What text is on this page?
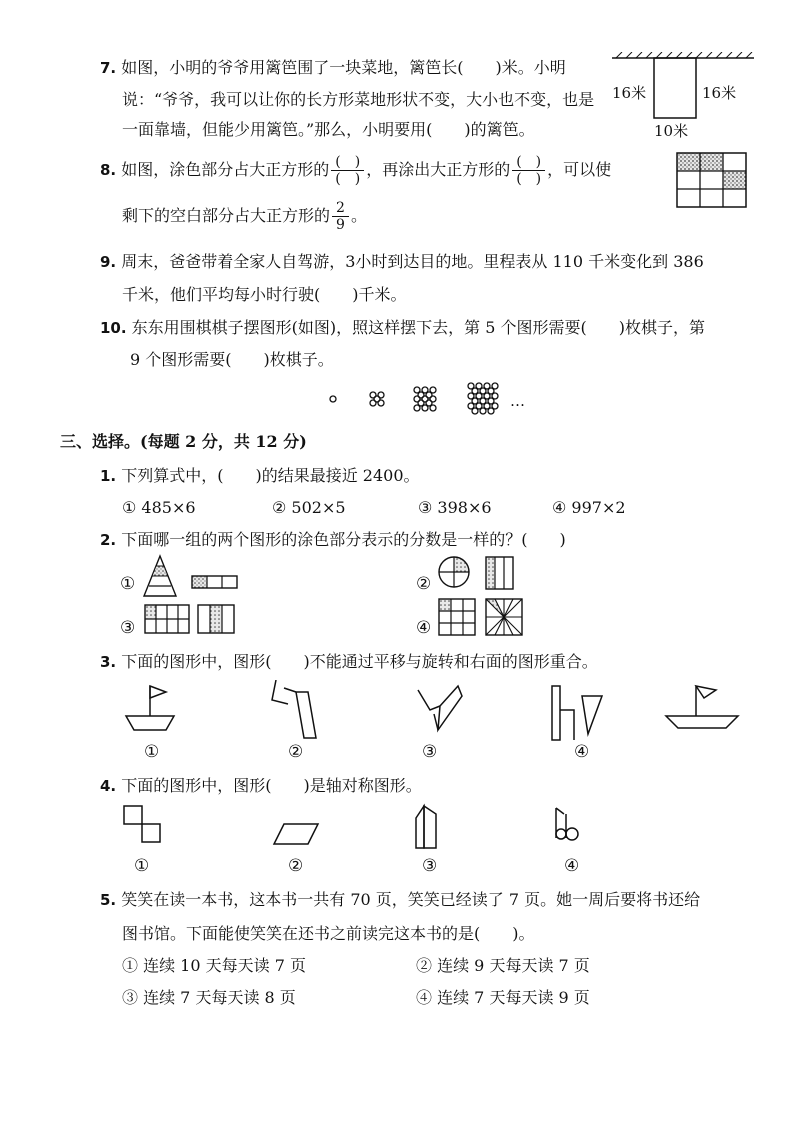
7. 如图，小明的爷爷用篱笆围了一块菜地，篱笆长(　　)米。小明
说：“爷爷，我可以让你的长方形菜地形状不变，大小也不变，也是
一面靠墙，但能少用篱笆。”那么，小明要用(　　)的篱笆。
16米	16米
10米
8. 如图，涂色部分占大正方形的 $\frac{( )}{( )}$ ，再涂出大正方形的 $\frac{( )}{( )}$ ，可以使
剩下的空白部分占大正方形的 $\frac{2}{9}$ 。
9. 周末，爸爸带着全家人自驾游，3小时到达目的地。里程表从 110 千米变化到 386
千米，他们平均每小时行驶(　　)千米。
10. 东东用围棋棋子摆图形(如图)，照这样摆下去，第 5 个图形需要(　　)枚棋子，第
9 个图形需要(　　)枚棋子。
…
三、选择。(每题 2 分，共 12 分)
1. 下列算式中，(　　)的结果最接近 2400。
① 485×6	② 502×5	③ 398×6	④ 997×2
2. 下面哪一组的两个图形的涂色部分表示的分数是一样的？(　　)
①	②
③	④
3. 下面的图形中，图形(　　)不能通过平移与旋转和右面的图形重合。
①	②	③	④
4. 下面的图形中，图形(　　)是轴对称图形。
①	②	③	④
5. 笑笑在读一本书，这本书一共有 70 页，笑笑已经读了 7 页。她一周后要将书还给
图书馆。下面能使笑笑在还书之前读完这本书的是(　　)。
① 连续 10 天每天读 7 页	② 连续 9 天每天读 7 页
③ 连续 7 天每天读 8 页	④ 连续 7 天每天读 9 页
